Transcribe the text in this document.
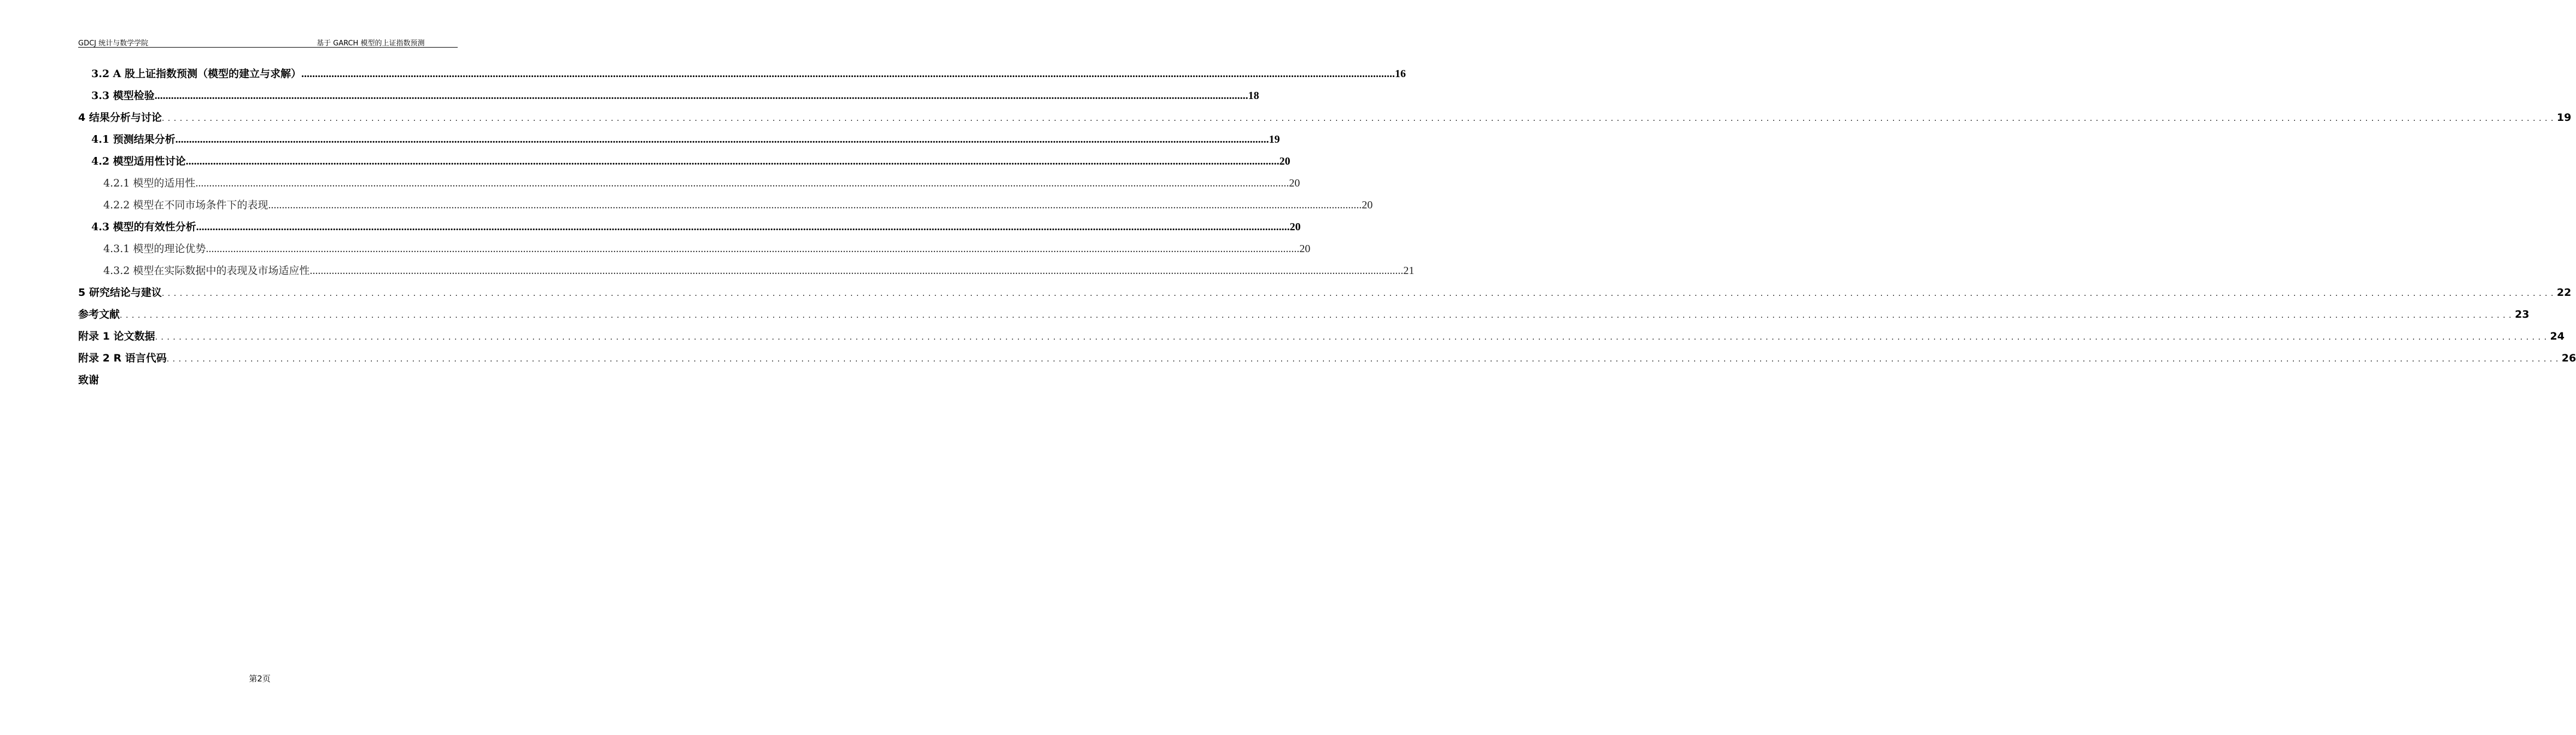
GDCJ 统计与数学学院	基于 GARCH 模型的上证指数预测
3.2 A 股上证指数预测（模型的建立与求解） ................................................................................................................................................................................................................................................................................................................................................................................................................ 16
3.3 模型检验 ................................................................................................................................................................................................................................................................................................................................................................................................................ 18
4 结果分析与讨论 ................................................................................................................................................................................................................................................................................................................................................................................................................ 19
4.1 预测结果分析 ................................................................................................................................................................................................................................................................................................................................................................................................................ 19
4.2 模型适用性讨论 ................................................................................................................................................................................................................................................................................................................................................................................................................ 20
4.2.1 模型的适用性 ................................................................................................................................................................................................................................................................................................................................................................................................................ 20
4.2.2 模型在不同市场条件下的表现 ................................................................................................................................................................................................................................................................................................................................................................................................................ 20
4.3 模型的有效性分析 ................................................................................................................................................................................................................................................................................................................................................................................................................ 20
4.3.1 模型的理论优势 ................................................................................................................................................................................................................................................................................................................................................................................................................ 20
4.3.2 模型在实际数据中的表现及市场适应性 ................................................................................................................................................................................................................................................................................................................................................................................................................ 21
5 研究结论与建议 ................................................................................................................................................................................................................................................................................................................................................................................................................ 22
参考文献 ................................................................................................................................................................................................................................................................................................................................................................................................................ 23
附录 1 论文数据 ................................................................................................................................................................................................................................................................................................................................................................................................................ 24
附录 2 R 语言代码 ................................................................................................................................................................................................................................................................................................................................................................................................................ 26
致谢
第2页
